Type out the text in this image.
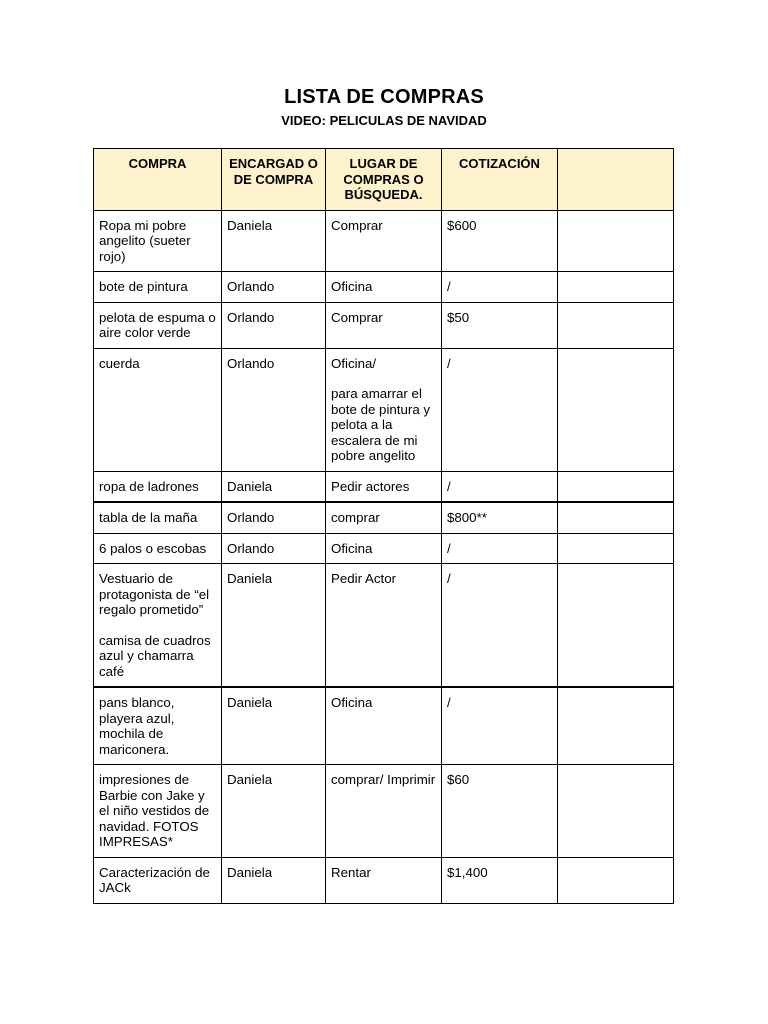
LISTA DE COMPRAS
VIDEO: PELICULAS DE NAVIDAD
COMPRA	ENCARGAD O DE COMPRA	LUGAR DE COMPRAS O BÚSQUEDA.	COTIZACIÓN	

Ropa mi pobre angelito (sueter rojo)	Daniela	Comprar	$600	

bote de pintura	Orlando	Oficina	/	

pelota de espuma o aire color verde	Orlando	Comprar	$50	

cuerda	Orlando	Oficina/
para amarrar el bote de pintura y pelota a la escalera de mi pobre angelito	/	

ropa de ladrones	Daniela	Pedir actores	/	

tabla de la maña	Orlando	comprar	$800**	

6 palos o escobas	Orlando	Oficina	/	

Vestuario de protagonista de “el regalo prometido”
camisa de cuadros azul y chamarra café	Daniela	Pedir Actor	/	

pans blanco, playera azul, mochila de mariconera.	Daniela	Oficina	/	

impresiones de Barbie con Jake y el niño vestidos de navidad. FOTOS IMPRESAS*	Daniela	comprar/ Imprimir	$60	

Caracterización de JACk	Daniela	Rentar	$1,400	
